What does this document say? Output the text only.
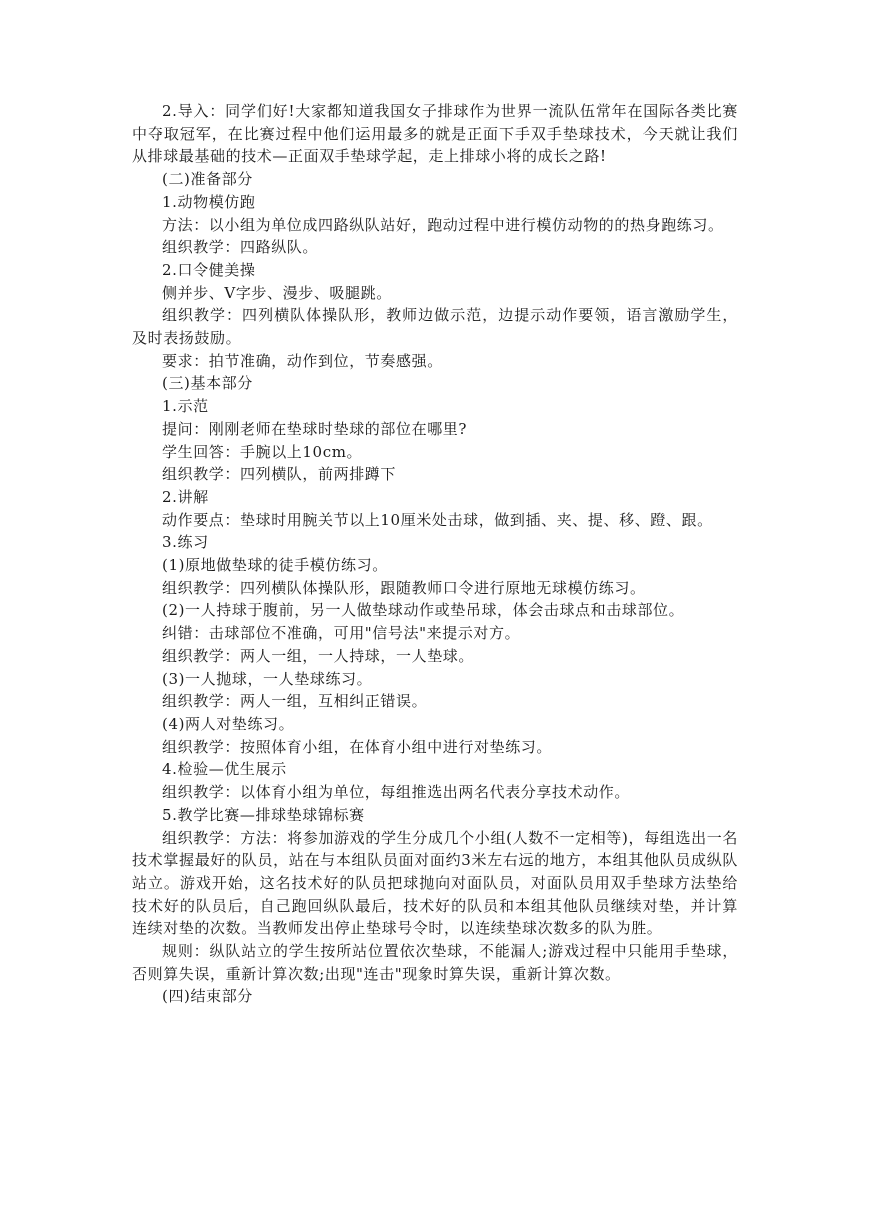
2.导入：同学们好!大家都知道我国女子排球作为世界一流队伍常年在国际各类比赛中夺取冠军，在比赛过程中他们运用最多的就是正面下手双手垫球技术，今天就让我们从排球最基础的技术—正面双手垫球学起，走上排球小将的成长之路!

(二)准备部分

1.动物模仿跑

方法：以小组为单位成四路纵队站好，跑动过程中进行模仿动物的的热身跑练习。

组织教学：四路纵队。

2.口令健美操

侧并步、V字步、漫步、吸腿跳。

组织教学：四列横队体操队形，教师边做示范，边提示动作要领，语言激励学生，及时表扬鼓励。

要求：拍节准确，动作到位，节奏感强。

(三)基本部分

1.示范

提问：刚刚老师在垫球时垫球的部位在哪里?

学生回答：手腕以上10cm。

组织教学：四列横队，前两排蹲下

2.讲解

动作要点：垫球时用腕关节以上10厘米处击球，做到插、夹、提、移、蹬、跟。

3.练习

(1)原地做垫球的徒手模仿练习。

组织教学：四列横队体操队形，跟随教师口令进行原地无球模仿练习。

(2)一人持球于腹前，另一人做垫球动作或垫吊球，体会击球点和击球部位。

纠错：击球部位不准确，可用"信号法"来提示对方。

组织教学：两人一组，一人持球，一人垫球。

(3)一人抛球，一人垫球练习。

组织教学：两人一组，互相纠正错误。

(4)两人对垫练习。

组织教学：按照体育小组，在体育小组中进行对垫练习。

4.检验—优生展示

组织教学：以体育小组为单位，每组推选出两名代表分享技术动作。

5.教学比赛—排球垫球锦标赛

组织教学：方法：将参加游戏的学生分成几个小组(人数不一定相等)，每组选出一名技术掌握最好的队员，站在与本组队员面对面约3米左右远的地方，本组其他队员成纵队站立。游戏开始，这名技术好的队员把球抛向对面队员，对面队员用双手垫球方法垫给技术好的队员后，自己跑回纵队最后，技术好的队员和本组其他队员继续对垫，并计算连续对垫的次数。当教师发出停止垫球号令时，以连续垫球次数多的队为胜。

规则：纵队站立的学生按所站位置依次垫球，不能漏人;游戏过程中只能用手垫球，否则算失误，重新计算次数;出现"连击"现象时算失误，重新计算次数。

(四)结束部分
